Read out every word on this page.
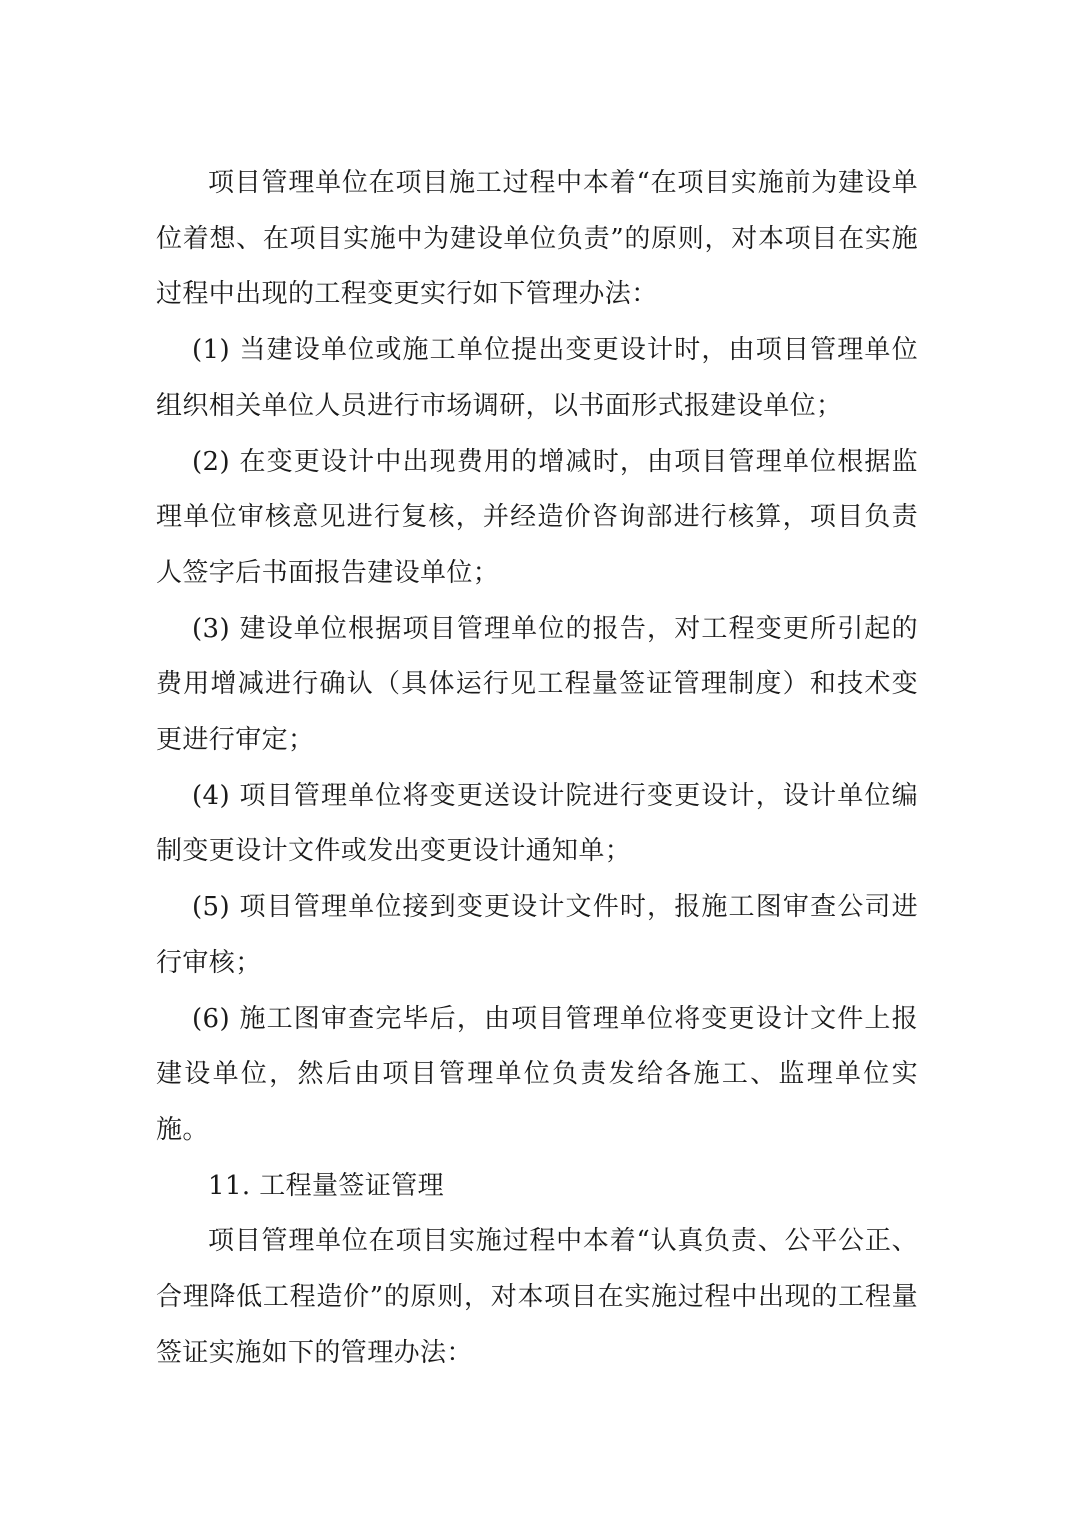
项目管理单位在项目施工过程中本着“在项目实施前为建设单位着想、在项目实施中为建设单位负责”的原则，对本项目在实施过程中出现的工程变更实行如下管理办法：

(1) 当建设单位或施工单位提出变更设计时，由项目管理单位组织相关单位人员进行市场调研，以书面形式报建设单位；

(2) 在变更设计中出现费用的增减时，由项目管理单位根据监理单位审核意见进行复核，并经造价咨询部进行核算，项目负责人签字后书面报告建设单位；

(3) 建设单位根据项目管理单位的报告，对工程变更所引起的费用增减进行确认（具体运行见工程量签证管理制度）和技术变更进行审定；

(4) 项目管理单位将变更送设计院进行变更设计，设计单位编制变更设计文件或发出变更设计通知单；

(5) 项目管理单位接到变更设计文件时，报施工图审查公司进行审核；

(6) 施工图审查完毕后，由项目管理单位将变更设计文件上报建设单位，然后由项目管理单位负责发给各施工、监理单位实施。

11. 工程量签证管理

项目管理单位在项目实施过程中本着“认真负责、公平公正、合理降低工程造价”的原则，对本项目在实施过程中出现的工程量签证实施如下的管理办法：
